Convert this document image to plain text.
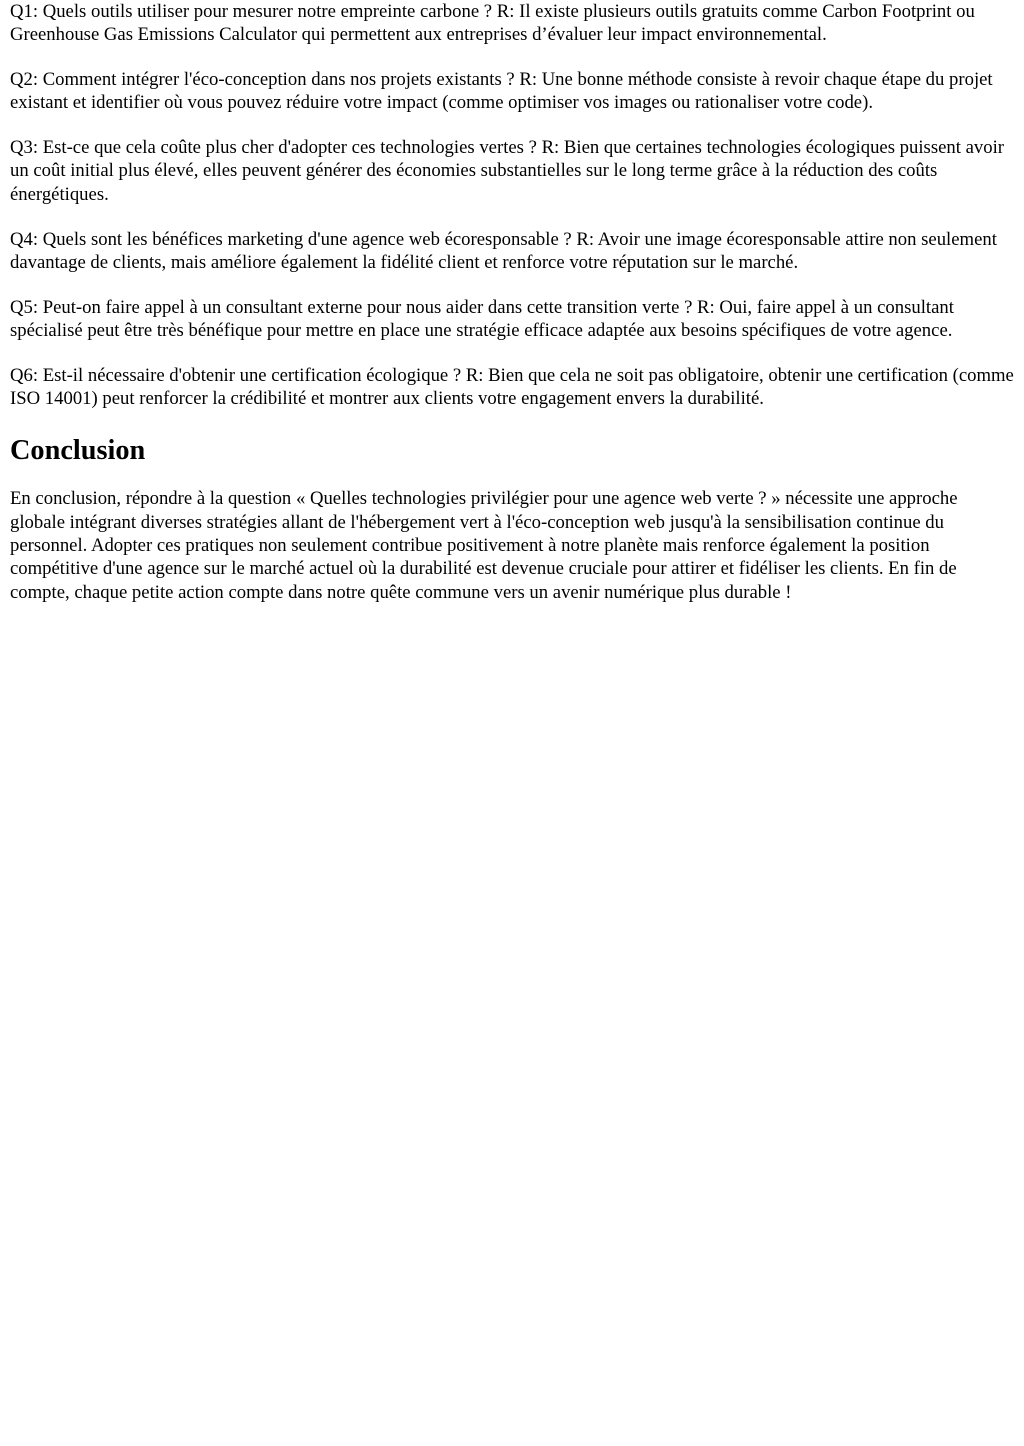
Q1: Quels outils utiliser pour mesurer notre empreinte carbone ? R: Il existe plusieurs outils gratuits comme Carbon Footprint ou Greenhouse Gas Emissions Calculator qui permettent aux entreprises d’évaluer leur impact environnemental.

Q2: Comment intégrer l'éco-conception dans nos projets existants ? R: Une bonne méthode consiste à revoir chaque étape du projet existant et identifier où vous pouvez réduire votre impact (comme optimiser vos images ou rationaliser votre code).

Q3: Est-ce que cela coûte plus cher d'adopter ces technologies vertes ? R: Bien que certaines technologies écologiques puissent avoir un coût initial plus élevé, elles peuvent générer des économies substantielles sur le long terme grâce à la réduction des coûts énergétiques.

Q4: Quels sont les bénéfices marketing d'une agence web écoresponsable ? R: Avoir une image écoresponsable attire non seulement davantage de clients, mais améliore également la fidélité client et renforce votre réputation sur le marché.

Q5: Peut-on faire appel à un consultant externe pour nous aider dans cette transition verte ? R: Oui, faire appel à un consultant spécialisé peut être très bénéfique pour mettre en place une stratégie efficace adaptée aux besoins spécifiques de votre agence.

Q6: Est-il nécessaire d'obtenir une certification écologique ? R: Bien que cela ne soit pas obligatoire, obtenir une certification (comme ISO 14001) peut renforcer la crédibilité et montrer aux clients votre engagement envers la durabilité.

Conclusion

En conclusion, répondre à la question « Quelles technologies privilégier pour une agence web verte ? » nécessite une approche globale intégrant diverses stratégies allant de l'hébergement vert à l'éco-conception web jusqu'à la sensibilisation continue du personnel. Adopter ces pratiques non seulement contribue positivement à notre planète mais renforce également la position compétitive d'une agence sur le marché actuel où la durabilité est devenue cruciale pour attirer et fidéliser les clients. En fin de compte, chaque petite action compte dans notre quête commune vers un avenir numérique plus durable !
